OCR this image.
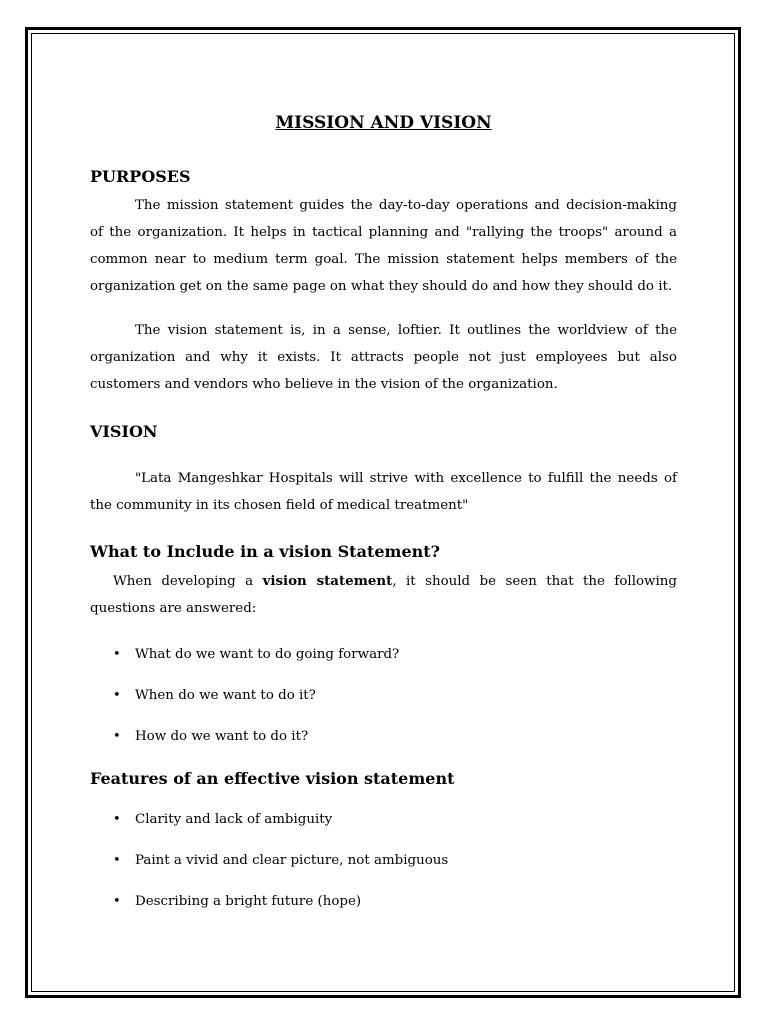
MISSION AND VISION
PURPOSES

The mission statement guides the day-to-day operations and decision-making of the organization. It helps in tactical planning and "rallying the troops" around a common near to medium term goal. The mission statement helps members of the organization get on the same page on what they should do and how they should do it.

The vision statement is, in a sense, loftier. It outlines the worldview of the organization and why it exists. It attracts people not just employees but also customers and vendors who believe in the vision of the organization.

VISION

"Lata Mangeshkar Hospitals will strive with excellence to fulfill the needs of the community in its chosen field of medical treatment"

What to Include in a vision Statement?

When developing a vision statement, it should be seen that the following questions are answered:

• What do we want to do going forward?
• When do we want to do it?
• How do we want to do it?
Features of an effective vision statement
• Clarity and lack of ambiguity
• Paint a vivid and clear picture, not ambiguous
• Describing a bright future (hope)
